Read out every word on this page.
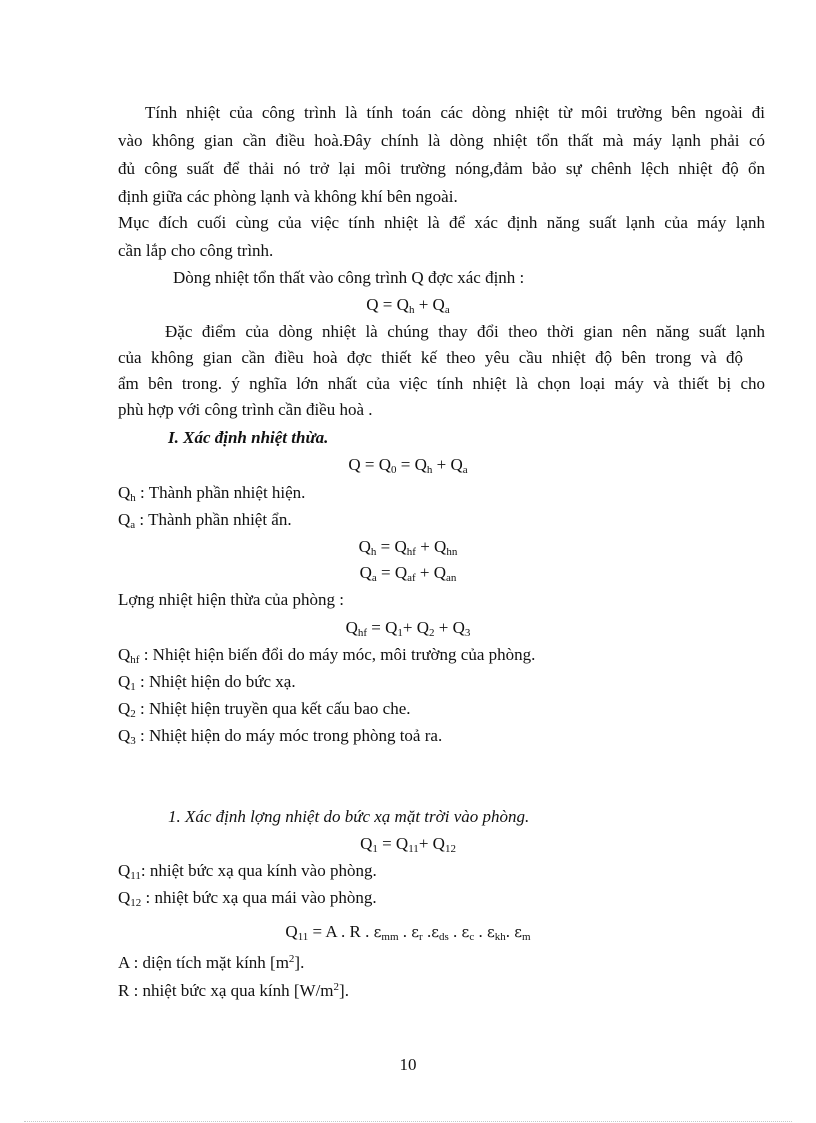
Tính nhiệt của công trình là tính toán các dòng nhiệt từ môi trường bên ngoài đi
vào không gian cần điều hoà.Đây chính là dòng nhiệt tổn thất mà máy lạnh phải có
đủ công suất để thải nó trở lại môi trường nóng,đảm bảo sự chênh lệch nhiệt độ ổn
định giữa các phòng lạnh và không khí bên ngoài.
Mục đích cuối cùng của việc tính nhiệt là để xác định năng suất lạnh của máy lạnh
cần lắp cho công trình.
Dòng nhiệt tổn thất vào công trình Q đợc xác định :
$Q = Q_h + Q_a$
Đặc điểm của dòng nhiệt là chúng thay đổi theo thời gian nên năng suất lạnh
của không gian cần điều hoà đợc thiết kế theo yêu cầu nhiệt độ bên trong và độ
ẩm bên trong. ý nghĩa lớn nhất của việc tính nhiệt là chọn loại máy và thiết bị cho
phù hợp với công trình cần điều hoà .
I. Xác định nhiệt thừa.
$Q = Q_0 = Q_h + Q_a$
$Q_h$ : Thành phần nhiệt hiện.
$Q_a$ : Thành phần nhiệt ẩn.
$Q_h = Q_{hf} + Q_{hn}$
$Q_a = Q_{af} + Q_{an}$
Lợng nhiệt hiện thừa của phòng :
$Q_{hf} = Q_1+ Q_2 + Q_3$
$Q_{hf}$ : Nhiệt hiện biến đổi do máy móc, môi trường của phòng.
$Q_1$ : Nhiệt hiện do bức xạ.
$Q_2$ : Nhiệt hiện truyền qua kết cấu bao che.
$Q_3$ : Nhiệt hiện do máy móc trong phòng toả ra.
1. Xác định lợng nhiệt do bức xạ mặt trời vào phòng.
$Q_1 = Q_{11}+ Q_{12}$
$Q_{11}$: nhiệt bức xạ qua kính vào phòng.
$Q_{12}$ : nhiệt bức xạ qua mái vào phòng.
$Q_{11} = A$ . R . $\varepsilon_{mm}$ . $\varepsilon_r$ $.\varepsilon_{ds}$ . $\varepsilon_c$ . $\varepsilon_{kh}$. $\varepsilon_m$
A : diện tích mặt kính $[m^2]$.
R : nhiệt bức xạ qua kính $[W/m^2]$.
10
